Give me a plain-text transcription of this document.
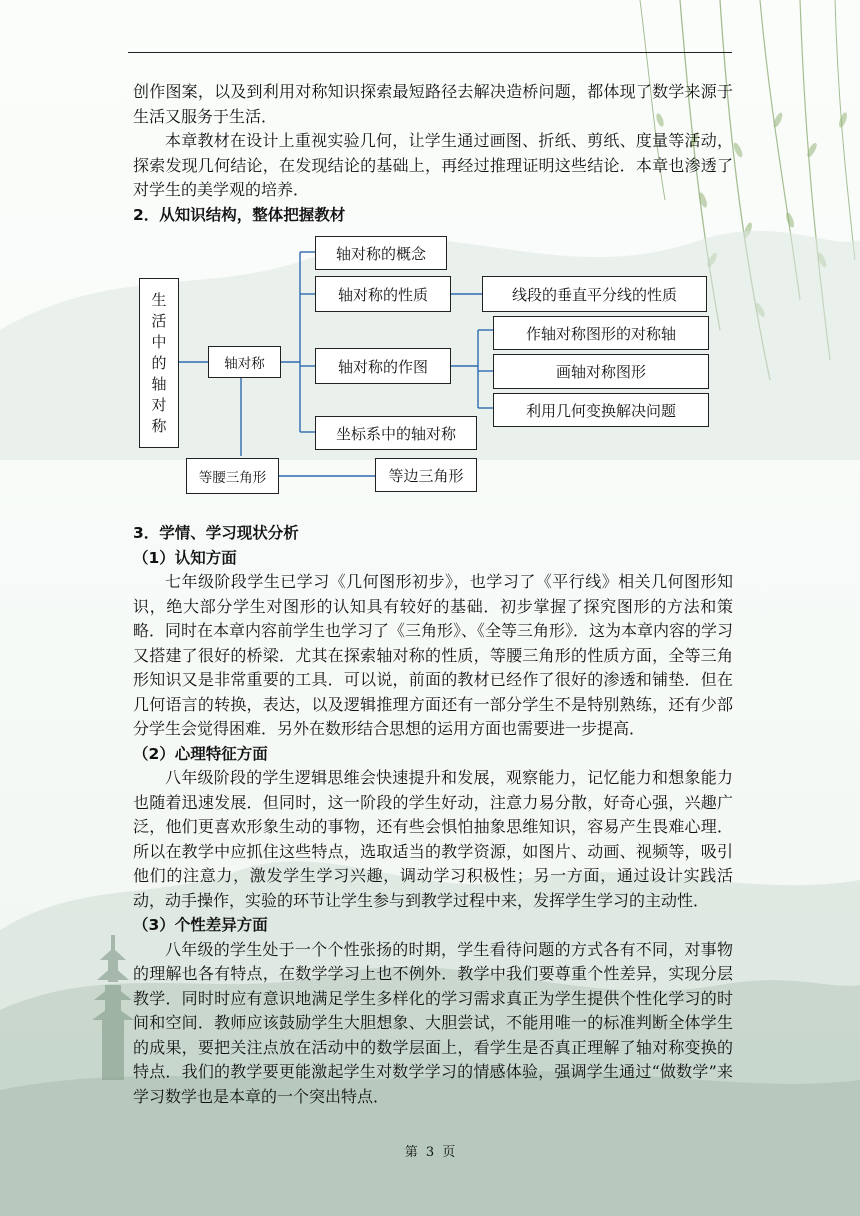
创作图案，以及到利用对称知识探索最短路径去解决造桥问题，都体现了数学来源于生活又服务于生活．

本章教材在设计上重视实验几何，让学生通过画图、折纸、剪纸、度量等活动，探索发现几何结论，在发现结论的基础上，再经过推理证明这些结论．本章也渗透了对学生的美学观的培养．

2．从知识结构，整体把握教材

生
活
中
的
轴
对
称
轴对称
轴对称的概念
轴对称的性质	线段的垂直平分线的性质
轴对称的作图
作轴对称图形的对称轴
画轴对称图形
利用几何变换解决问题
坐标系中的轴对称
等腰三角形	等边三角形

3．学情、学习现状分析

（1）认知方面

七年级阶段学生已学习《几何图形初步》，也学习了《平行线》相关几何图形知识，绝大部分学生对图形的认知具有较好的基础．初步掌握了探究图形的方法和策略．同时在本章内容前学生也学习了《三角形》、《全等三角形》．这为本章内容的学习又搭建了很好的桥梁．尤其在探索轴对称的性质，等腰三角形的性质方面，全等三角形知识又是非常重要的工具．可以说，前面的教材已经作了很好的渗透和铺垫．但在几何语言的转换，表达，以及逻辑推理方面还有一部分学生不是特别熟练，还有少部分学生会觉得困难．另外在数形结合思想的运用方面也需要进一步提高．

（2）心理特征方面

八年级阶段的学生逻辑思维会快速提升和发展，观察能力，记忆能力和想象能力也随着迅速发展．但同时，这一阶段的学生好动，注意力易分散，好奇心强，兴趣广泛，他们更喜欢形象生动的事物，还有些会惧怕抽象思维知识，容易产生畏难心理．所以在教学中应抓住这些特点，选取适当的教学资源，如图片、动画、视频等，吸引他们的注意力，激发学生学习兴趣，调动学习积极性；另一方面，通过设计实践活动，动手操作，实验的环节让学生参与到教学过程中来，发挥学生学习的主动性．

（3）个性差异方面

八年级的学生处于一个个性张扬的时期，学生看待问题的方式各有不同，对事物的理解也各有特点，在数学学习上也不例外．教学中我们要尊重个性差异，实现分层教学．同时时应有意识地满足学生多样化的学习需求真正为学生提供个性化学习的时间和空间．教师应该鼓励学生大胆想象、大胆尝试，不能用唯一的标准判断全体学生的成果，要把关注点放在活动中的数学层面上，看学生是否真正理解了轴对称变换的特点．我们的教学要更能激起学生对数学学习的情感体验，强调学生通过“做数学”来学习数学也是本章的一个突出特点．

第 3 页
